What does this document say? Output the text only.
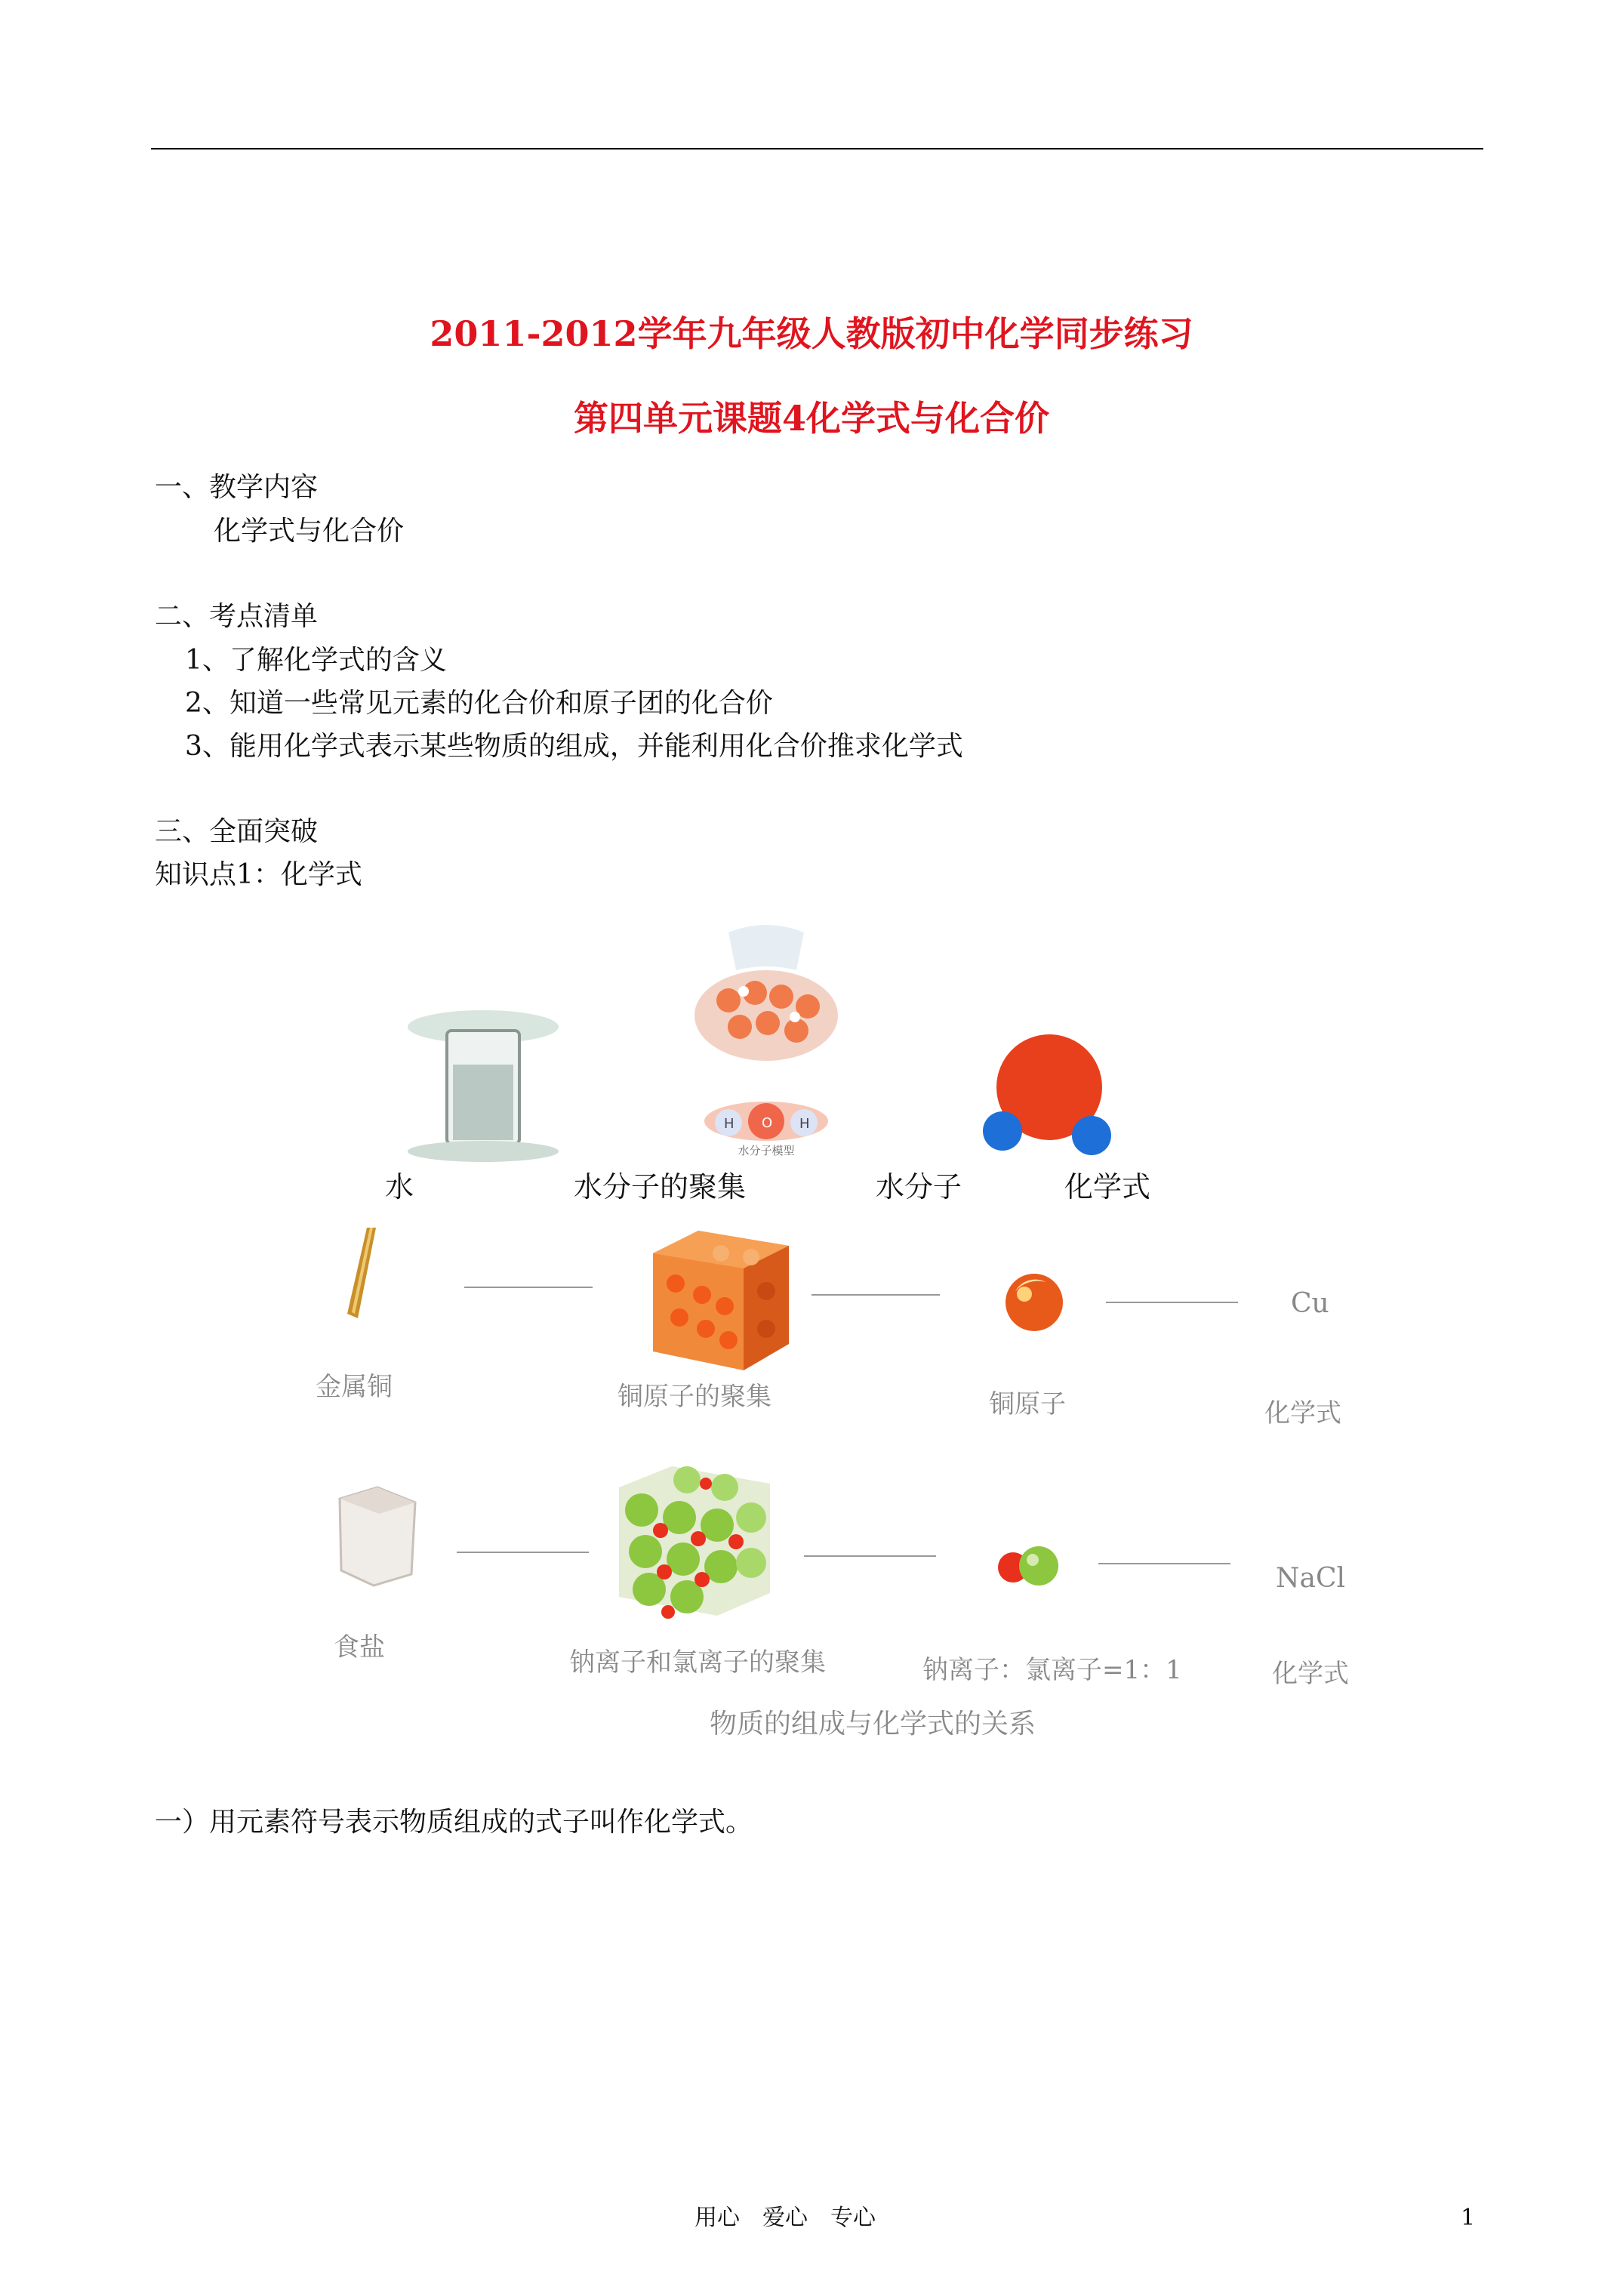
2011-2012学年九年级人教版初中化学同步练习
第四单元课题4化学式与化合价
一、教学内容
化学式与化合价
二、考点清单
1、了解化学式的含义
2、知道一些常见元素的化合价和原子团的化合价
3、能用化学式表示某些物质的组成，并能利用化合价推求化学式
三、全面突破
知识点1：化学式
H O H
水分子模型
水	水分子的聚集	水分子	化学式
Cu
金属铜	铜原子的聚集	铜原子	化学式
NaCl
食盐	钠离子和氯离子的聚集	钠离子：氯离子=1：1	化学式
物质的组成与化学式的关系
一）用元素符号表示物质组成的式子叫作化学式。
用心　爱心　专心	1
